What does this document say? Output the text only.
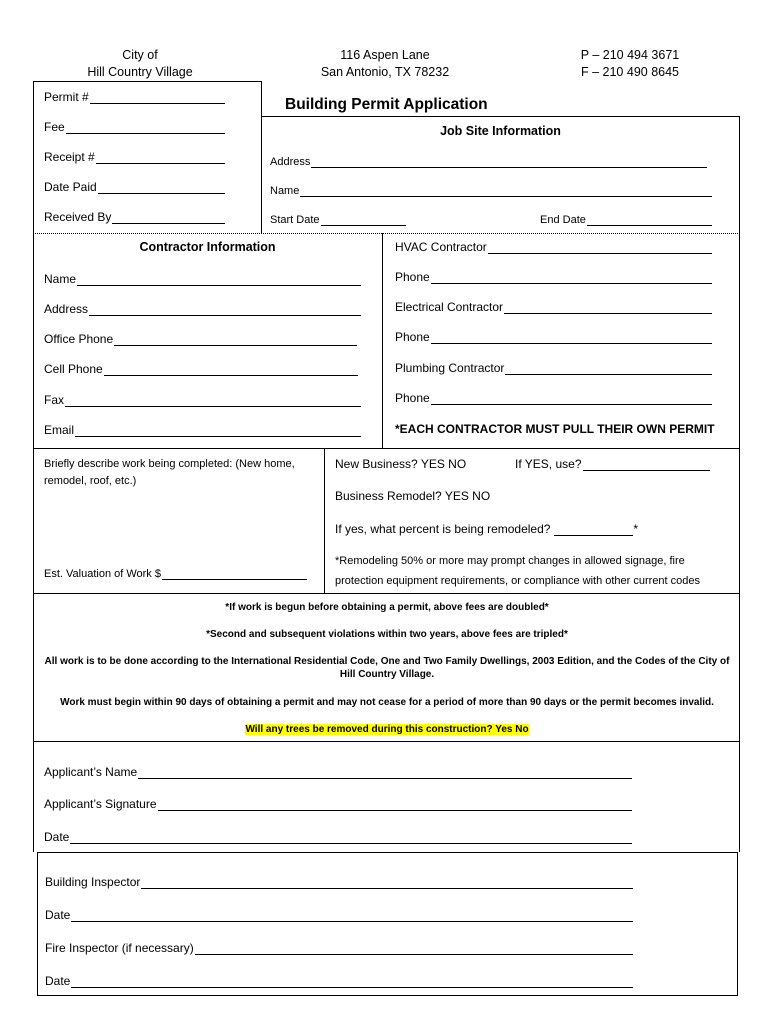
City of
Hill Country Village
116 Aspen Lane
San Antonio, TX 78232
P – 210 494 3671
F – 210 490 8645
Permit #
Fee
Receipt #
Date Paid
Received By
Building Permit Application
Job Site Information
Address
Name
Start Date	End Date
Contractor Information
Name
Address
Office Phone
Cell Phone
Fax
Email
HVAC Contractor
Phone
Electrical Contractor
Phone
Plumbing Contractor
Phone
*EACH CONTRACTOR MUST PULL THEIR OWN PERMIT
Briefly describe work being completed: (New home, remodel, roof, etc.)
Est. Valuation of Work $
New Business? YES NO	If YES, use?
Business Remodel? YES NO
If yes, what percent is being remodeled?	*
*Remodeling 50% or more may prompt changes in allowed signage, fire
protection equipment requirements, or compliance with other current codes
*If work is begun before obtaining a permit, above fees are doubled*
*Second and subsequent violations within two years, above fees are tripled*
All work is to be done according to the International Residential Code, One and Two Family Dwellings, 2003 Edition, and the Codes of the City of Hill Country Village.
Work must begin within 90 days of obtaining a permit and may not cease for a period of more than 90 days or the permit becomes invalid.
Will any trees be removed during this construction? Yes No
Applicant’s Name
Applicant’s Signature
Date
Building Inspector
Date
Fire Inspector (if necessary)
Date
